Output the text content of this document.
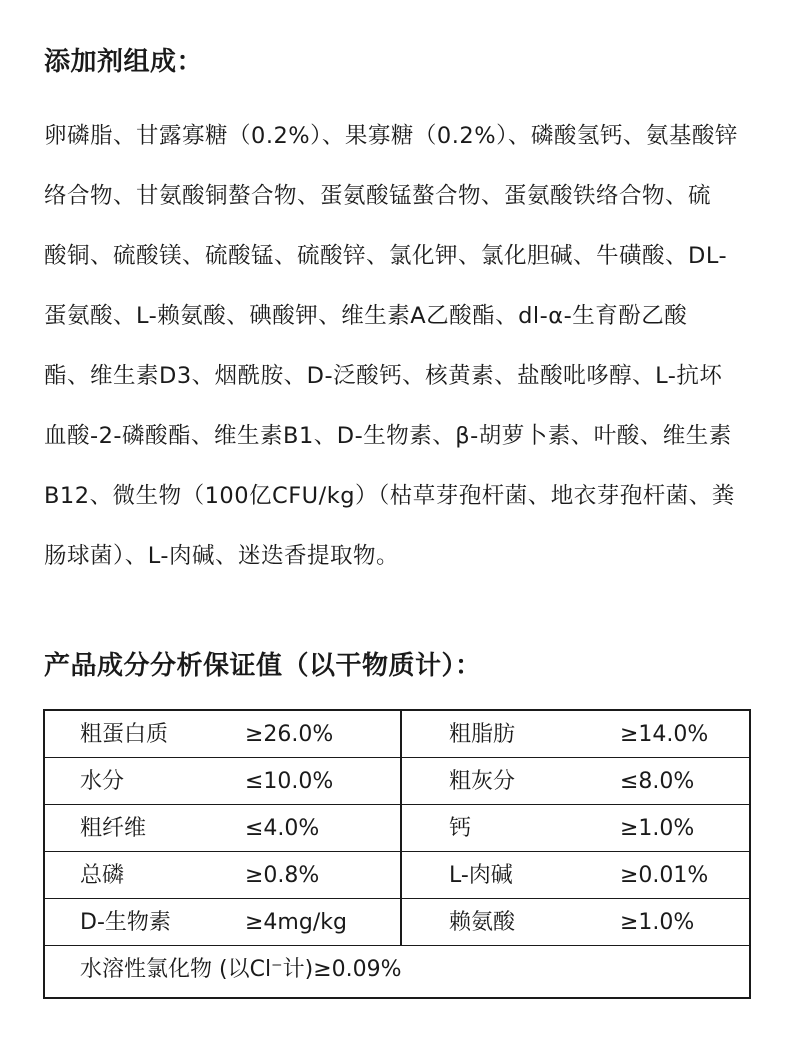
添加剂组成：

卵磷脂、甘露寡糖（0.2%）、果寡糖（0.2%）、磷酸氢钙、氨基酸锌
络合物、甘氨酸铜螯合物、蛋氨酸锰螯合物、蛋氨酸铁络合物、硫
酸铜、硫酸镁、硫酸锰、硫酸锌、氯化钾、氯化胆碱、牛磺酸、DL-
蛋氨酸、L-赖氨酸、碘酸钾、维生素A乙酸酯、dl-α-生育酚乙酸
酯、维生素D3、烟酰胺、D-泛酸钙、核黄素、盐酸吡哆醇、L-抗坏
血酸-2-磷酸酯、维生素B1、D-生物素、β-胡萝卜素、叶酸、维生素
B12、微生物（100亿CFU/kg）（枯草芽孢杆菌、地衣芽孢杆菌、粪
肠球菌）、L-肉碱、迷迭香提取物。

产品成分分析保证值（以干物质计）：
粗蛋白质	≥26.0%	粗脂肪	≥14.0%
水分	≤10.0%	粗灰分	≤8.0%
粗纤维	≤4.0%	钙	≥1.0%
总磷	≥0.8%	L-肉碱	≥0.01%
D-生物素	≥4mg/kg	赖氨酸	≥1.0%
水溶性氯化物 (以Cl⁻计)≥0.09%
